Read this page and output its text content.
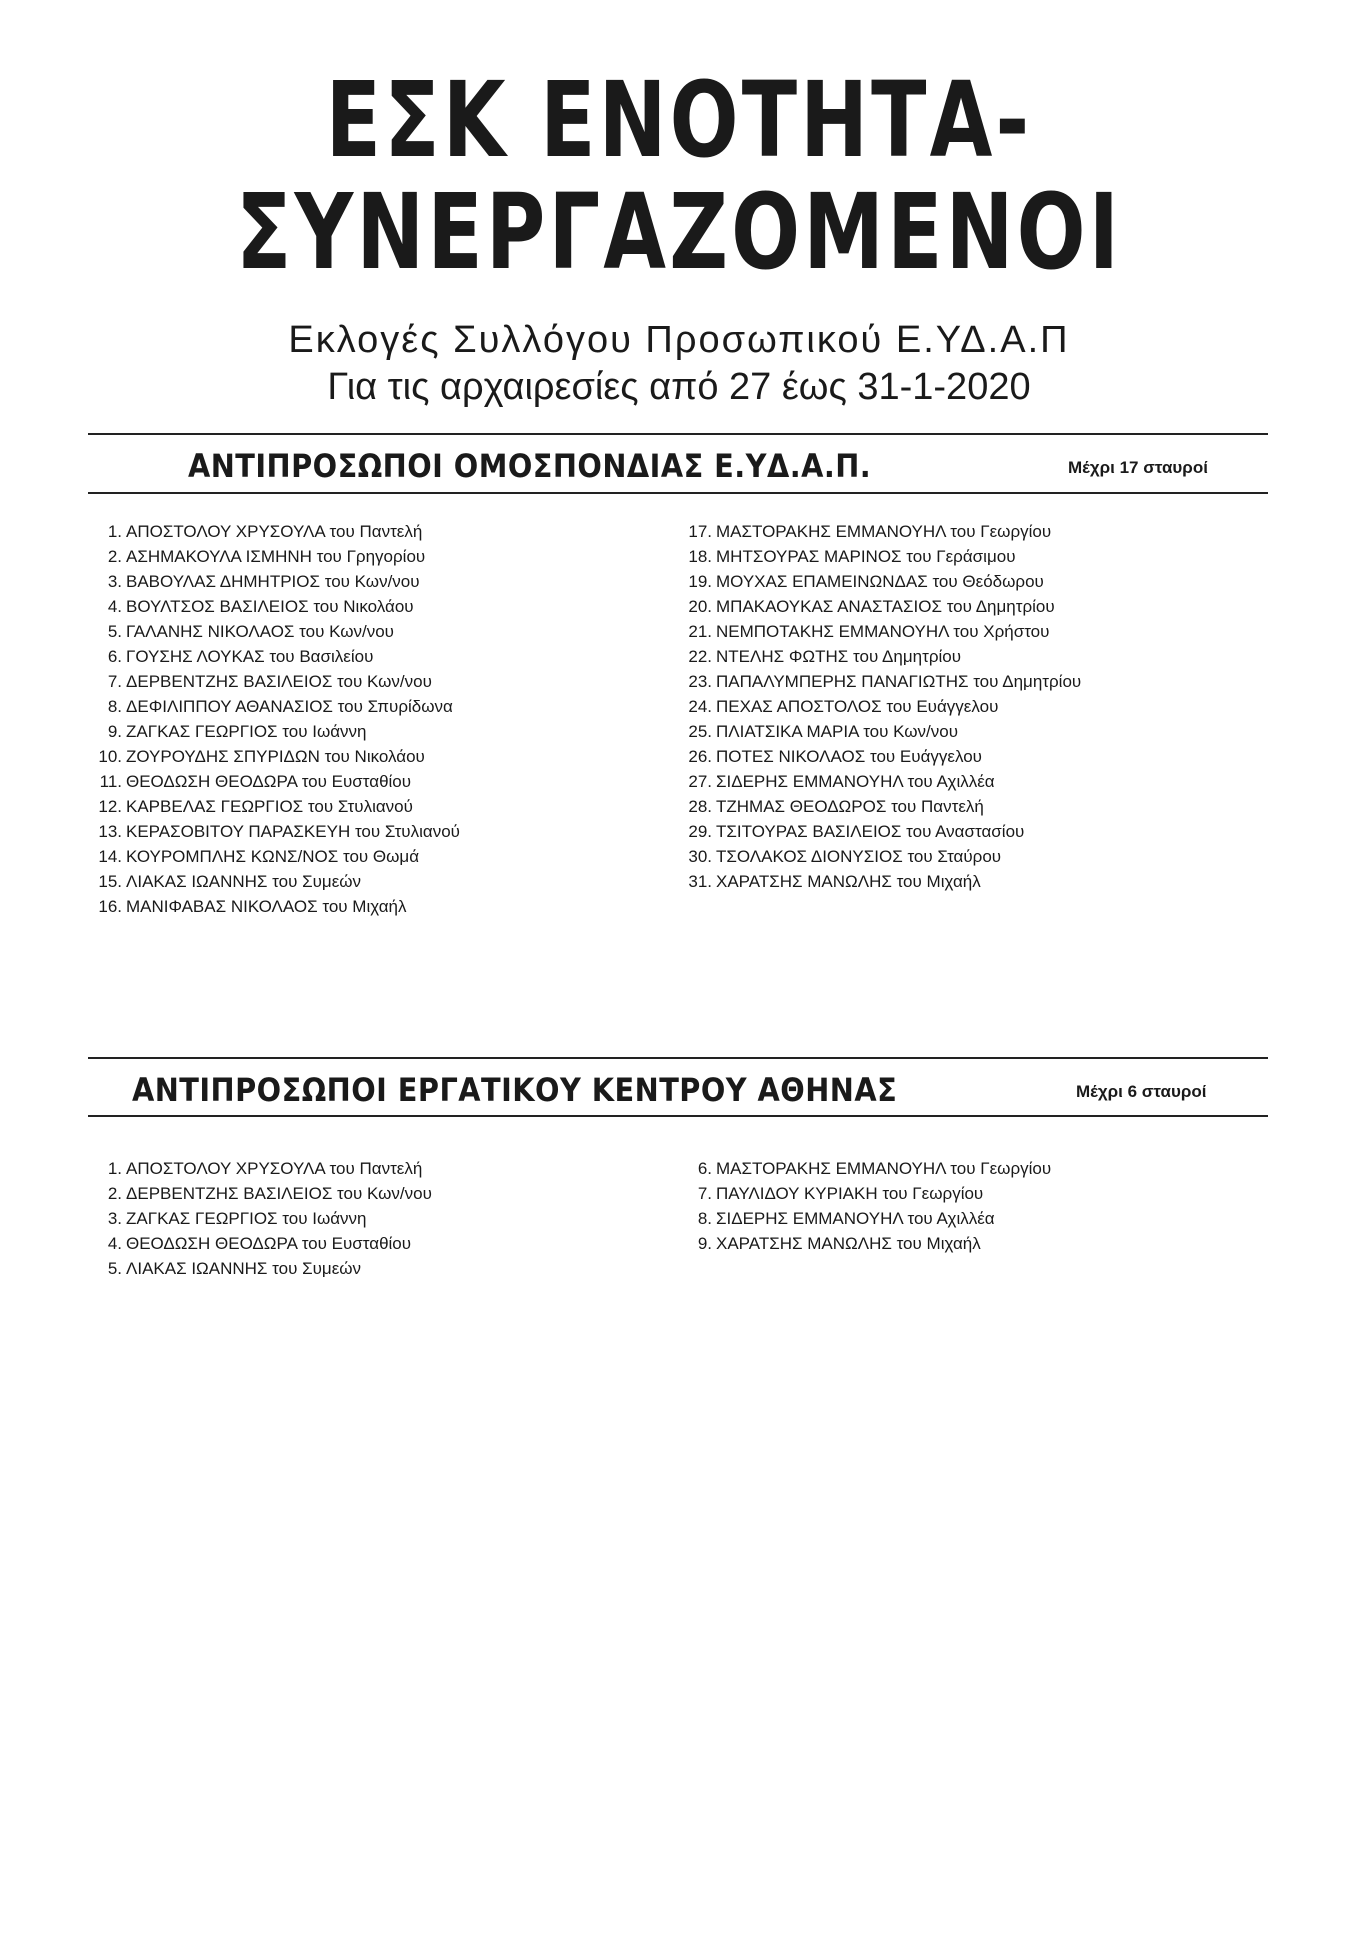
ΕΣΚ ΕΝΟΤΗΤΑ-
ΣΥΝΕΡΓΑΖΟΜΕΝΟΙ
Εκλογές Συλλόγου Προσωπικού Ε.ΥΔ.Α.Π
Για τις αρχαιρεσίες από 27 έως 31-1-2020
ΑΝΤΙΠΡΟΣΩΠΟΙ ΟΜΟΣΠΟΝΔΙΑΣ Ε.ΥΔ.Α.Π.	Μέχρι 17 σταυροί
1. ΑΠΟΣΤΟΛΟΥ ΧΡΥΣΟΥΛΑ του Παντελή
2. ΑΣΗΜΑΚΟΥΛΑ ΙΣΜΗΝΗ του Γρηγορίου
3. ΒΑΒΟΥΛΑΣ ΔΗΜΗΤΡΙΟΣ του Κων/νου
4. ΒΟΥΛΤΣΟΣ ΒΑΣΙΛΕΙΟΣ του Νικολάου
5. ΓΑΛΑΝΗΣ ΝΙΚΟΛΑΟΣ του Κων/νου
6. ΓΟΥΣΗΣ ΛΟΥΚΑΣ του Βασιλείου
7. ΔΕΡΒΕΝΤΖΗΣ ΒΑΣΙΛΕΙΟΣ του Κων/νου
8. ΔΕΦΙΛΙΠΠΟΥ ΑΘΑΝΑΣΙΟΣ του Σπυρίδωνα
9. ΖΑΓΚΑΣ ΓΕΩΡΓΙΟΣ του Ιωάννη
10. ΖΟΥΡΟΥΔΗΣ ΣΠΥΡΙΔΩΝ του Νικολάου
11. ΘΕΟΔΩΣΗ ΘΕΟΔΩΡΑ του Ευσταθίου
12. ΚΑΡΒΕΛΑΣ ΓΕΩΡΓΙΟΣ του Στυλιανού
13. ΚΕΡΑΣΟΒΙΤΟΥ ΠΑΡΑΣΚΕΥΗ του Στυλιανού
14. ΚΟΥΡΟΜΠΛΗΣ ΚΩΝΣ/ΝΟΣ του Θωμά
15. ΛΙΑΚΑΣ ΙΩΑΝΝΗΣ του Συμεών
16. ΜΑΝΙΦΑΒΑΣ ΝΙΚΟΛΑΟΣ του Μιχαήλ
17. ΜΑΣΤΟΡΑΚΗΣ ΕΜΜΑΝΟΥΗΛ του Γεωργίου
18. ΜΗΤΣΟΥΡΑΣ ΜΑΡΙΝΟΣ του Γεράσιμου
19. ΜΟΥΧΑΣ ΕΠΑΜΕΙΝΩΝΔΑΣ του Θεόδωρου
20. ΜΠΑΚΑΟΥΚΑΣ ΑΝΑΣΤΑΣΙΟΣ του Δημητρίου
21. ΝΕΜΠΟΤΑΚΗΣ ΕΜΜΑΝΟΥΗΛ του Χρήστου
22. ΝΤΕΛΗΣ ΦΩΤΗΣ του Δημητρίου
23. ΠΑΠΑΛΥΜΠΕΡΗΣ ΠΑΝΑΓΙΩΤΗΣ του Δημητρίου
24. ΠΕΧΑΣ ΑΠΟΣΤΟΛΟΣ του Ευάγγελου
25. ΠΛΙΑΤΣΙΚΑ ΜΑΡΙΑ του Κων/νου
26. ΠΟΤΕΣ ΝΙΚΟΛΑΟΣ του Ευάγγελου
27. ΣΙΔΕΡΗΣ ΕΜΜΑΝΟΥΗΛ του Αχιλλέα
28. ΤΖΗΜΑΣ ΘΕΟΔΩΡΟΣ του Παντελή
29. ΤΣΙΤΟΥΡΑΣ ΒΑΣΙΛΕΙΟΣ του Αναστασίου
30. ΤΣΟΛΑΚΟΣ ΔΙΟΝΥΣΙΟΣ του Σταύρου
31. ΧΑΡΑΤΣΗΣ ΜΑΝΩΛΗΣ του Μιχαήλ
ΑΝΤΙΠΡΟΣΩΠΟΙ ΕΡΓΑΤΙΚΟΥ ΚΕΝΤΡΟΥ ΑΘΗΝΑΣ	Μέχρι 6 σταυροί
1. ΑΠΟΣΤΟΛΟΥ ΧΡΥΣΟΥΛΑ του Παντελή
2. ΔΕΡΒΕΝΤΖΗΣ ΒΑΣΙΛΕΙΟΣ του Κων/νου
3. ΖΑΓΚΑΣ ΓΕΩΡΓΙΟΣ του Ιωάννη
4. ΘΕΟΔΩΣΗ ΘΕΟΔΩΡΑ του Ευσταθίου
5. ΛΙΑΚΑΣ ΙΩΑΝΝΗΣ του Συμεών
6. ΜΑΣΤΟΡΑΚΗΣ ΕΜΜΑΝΟΥΗΛ του Γεωργίου
7. ΠΑΥΛΙΔΟΥ ΚΥΡΙΑΚΗ του Γεωργίου
8. ΣΙΔΕΡΗΣ ΕΜΜΑΝΟΥΗΛ του Αχιλλέα
9. ΧΑΡΑΤΣΗΣ ΜΑΝΩΛΗΣ του Μιχαήλ
